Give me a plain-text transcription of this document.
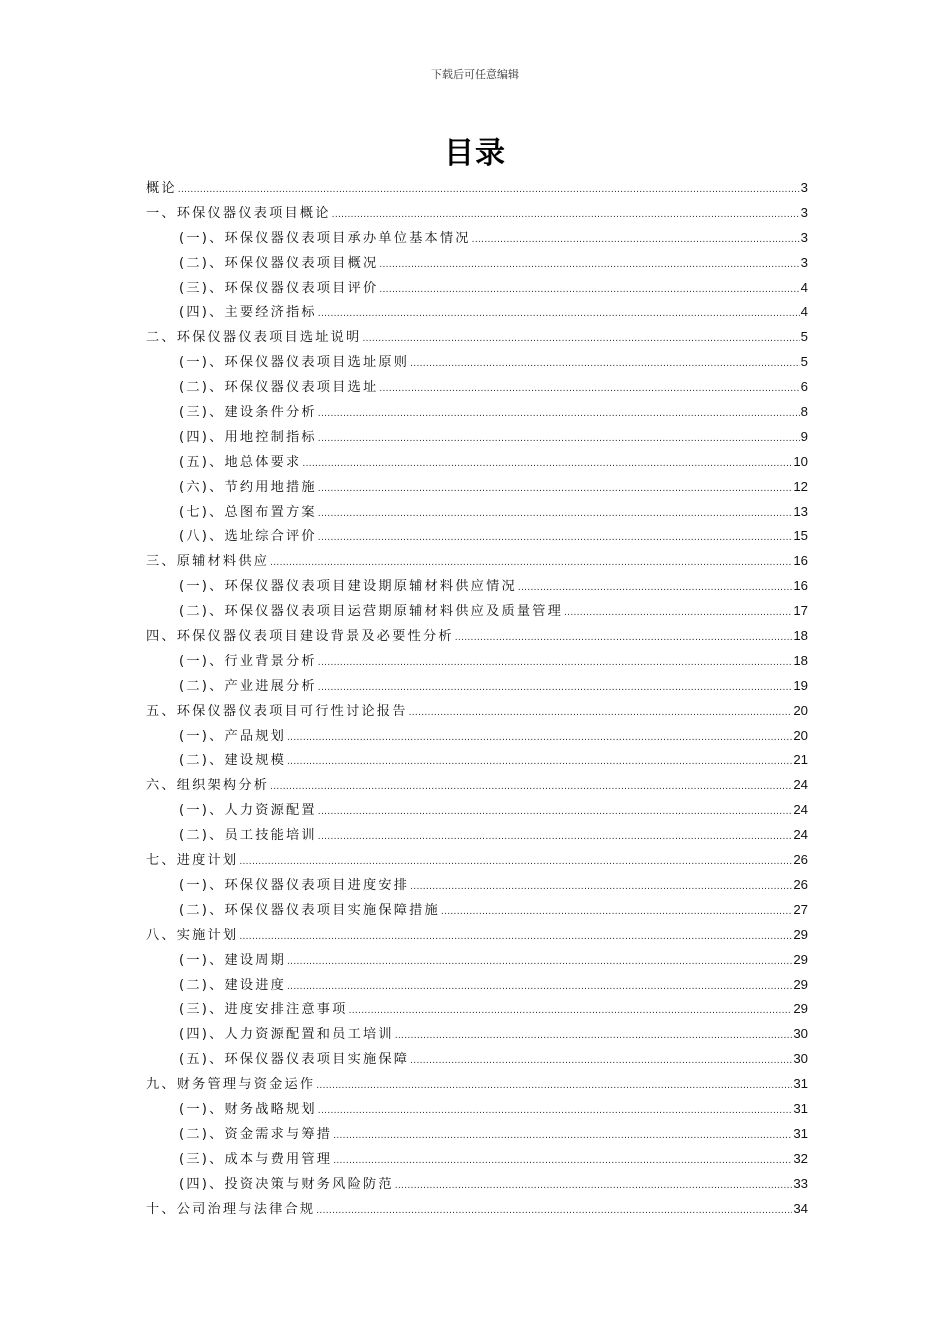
下载后可任意编辑
目录
概论 .....	3
一、环保仪器仪表项目概论 .....	3
(一)、环保仪器仪表项目承办单位基本情况 .....	3
(二)、环保仪器仪表项目概况 .....	3
(三)、环保仪器仪表项目评价 .....	4
(四)、主要经济指标 .....	4
二、环保仪器仪表项目选址说明 .....	5
(一)、环保仪器仪表项目选址原则 .....	5
(二)、环保仪器仪表项目选址 .....	6
(三)、建设条件分析 .....	8
(四)、用地控制指标 .....	9
(五)、地总体要求 .....	10
(六)、节约用地措施 .....	12
(七)、总图布置方案 .....	13
(八)、选址综合评价 .....	15
三、原辅材料供应 .....	16
(一)、环保仪器仪表项目建设期原辅材料供应情况 .....	16
(二)、环保仪器仪表项目运营期原辅材料供应及质量管理 .....	17
四、环保仪器仪表项目建设背景及必要性分析 .....	18
(一)、行业背景分析 .....	18
(二)、产业进展分析 .....	19
五、环保仪器仪表项目可行性讨论报告 .....	20
(一)、产品规划 .....	20
(二)、建设规模 .....	21
六、组织架构分析 .....	24
(一)、人力资源配置 .....	24
(二)、员工技能培训 .....	24
七、进度计划 .....	26
(一)、环保仪器仪表项目进度安排 .....	26
(二)、环保仪器仪表项目实施保障措施 .....	27
八、实施计划 .....	29
(一)、建设周期 .....	29
(二)、建设进度 .....	29
(三)、进度安排注意事项 .....	29
(四)、人力资源配置和员工培训 .....	30
(五)、环保仪器仪表项目实施保障 .....	30
九、财务管理与资金运作 .....	31
(一)、财务战略规划 .....	31
(二)、资金需求与筹措 .....	31
(三)、成本与费用管理 .....	32
(四)、投资决策与财务风险防范 .....	33
十、公司治理与法律合规 .....	34
